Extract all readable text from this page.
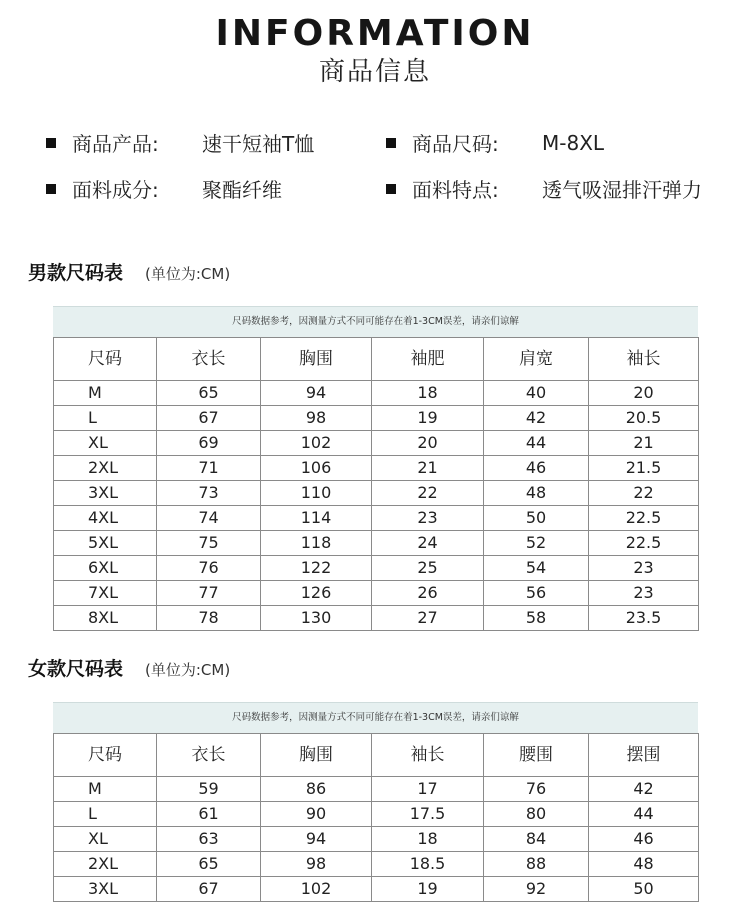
INFORMATION
商品信息
商品产品:	速干短袖T恤	商品尺码:	M-8XL
面料成分:	聚酯纤维	面料特点:	透气吸湿排汗弹力
男款尺码表 (单位为:CM)
尺码数据参考，因测量方式不同可能存在着1-3CM误差，请亲们谅解
尺码	衣长	胸围	袖肥	肩宽	袖长
M	65	94	18	40	20
L	67	98	19	42	20.5
XL	69	102	20	44	21
2XL	71	106	21	46	21.5
3XL	73	110	22	48	22
4XL	74	114	23	50	22.5
5XL	75	118	24	52	22.5
6XL	76	122	25	54	23
7XL	77	126	26	56	23
8XL	78	130	27	58	23.5
女款尺码表 (单位为:CM)
尺码数据参考，因测量方式不同可能存在着1-3CM误差，请亲们谅解
尺码	衣长	胸围	袖长	腰围	摆围
M	59	86	17	76	42
L	61	90	17.5	80	44
XL	63	94	18	84	46
2XL	65	98	18.5	88	48
3XL	67	102	19	92	50
